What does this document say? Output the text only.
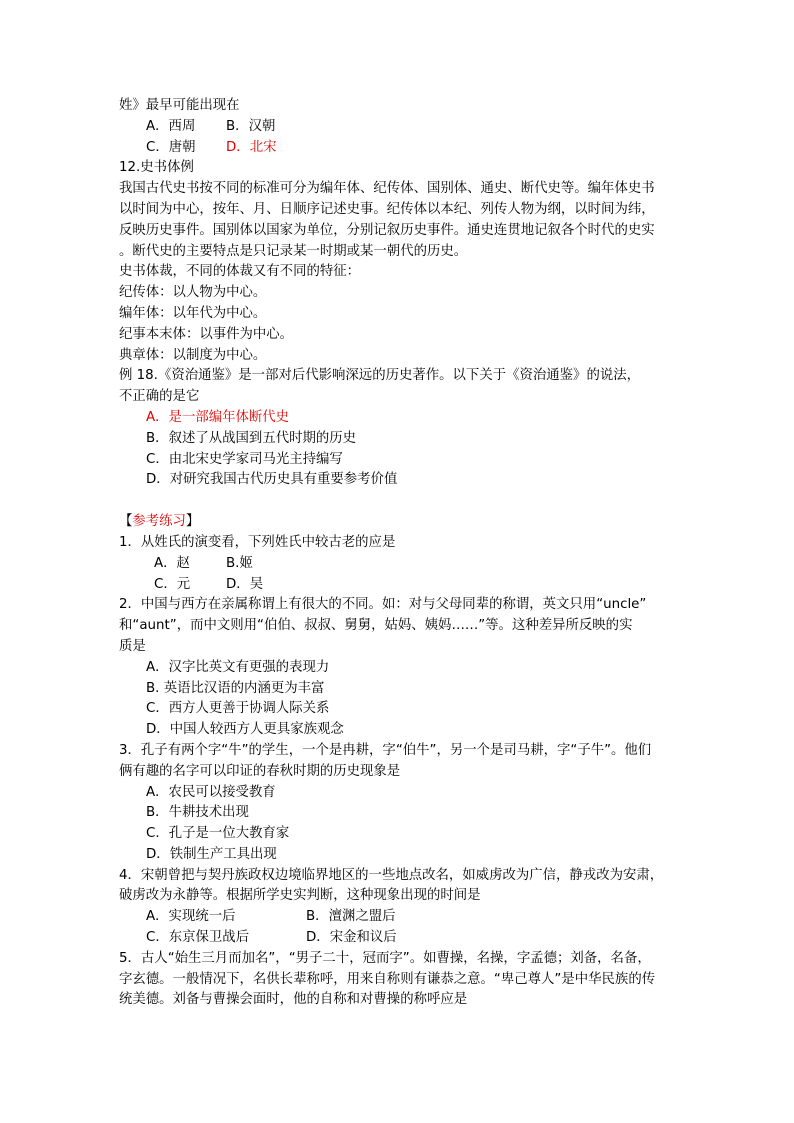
姓》最早可能出现在
A．西周 B．汉朝
C．唐朝 D．北宋
12.史书体例
我国古代史书按不同的标准可分为编年体、纪传体、国别体、通史、断代史等。编年体史书
以时间为中心，按年、月、日顺序记述史事。纪传体以本纪、列传人物为纲，以时间为纬，
反映历史事件。国别体以国家为单位，分别记叙历史事件。通史连贯地记叙各个时代的史实
。断代史的主要特点是只记录某一时期或某一朝代的历史。
史书体裁，不同的体裁又有不同的特征：
纪传体：以人物为中心。
编年体：以年代为中心。
纪事本末体：以事件为中心。
典章体：以制度为中心。
例 18.《资治通鉴》是一部对后代影响深远的历史著作。以下关于《资治通鉴》的说法，
不正确的是它
A．是一部编年体断代史
B．叙述了从战国到五代时期的历史
C．由北宋史学家司马光主持编写
D．对研究我国古代历史具有重要参考价值
【参考练习】
1．从姓氏的演变看，下列姓氏中较古老的应是
A．赵	B.姬
C．元	D．吴
2．中国与西方在亲属称谓上有很大的不同。如：对与父母同辈的称谓，英文只用“uncle”
和“aunt”，而中文则用“伯伯、叔叔、舅舅，姑妈、姨妈……”等。这种差异所反映的实
质是
A．汉字比英文有更强的表现力
B. 英语比汉语的内涵更为丰富
C．西方人更善于协调人际关系
D．中国人较西方人更具家族观念
3．孔子有两个字“牛”的学生，一个是冉耕，字“伯牛”，另一个是司马耕，字“子牛”。他们
俩有趣的名字可以印证的春秋时期的历史现象是
A．农民可以接受教育
B．牛耕技术出现
C．孔子是一位大教育家
D．铁制生产工具出现
4．宋朝曾把与契丹族政权边境临界地区的一些地点改名，如威虏改为广信，静戎改为安肃，
破虏改为永静等。根据所学史实判断，这种现象出现的时间是
A．实现统一后	B．澶渊之盟后
C．东京保卫战后	D．宋金和议后
5．古人“始生三月而加名”，“男子二十，冠而字”。如曹操，名操，字孟德；刘备，名备，
字玄德。一般情况下，名供长辈称呼，用来自称则有谦恭之意。“卑己尊人”是中华民族的传
统美德。刘备与曹操会面时，他的自称和对曹操的称呼应是
